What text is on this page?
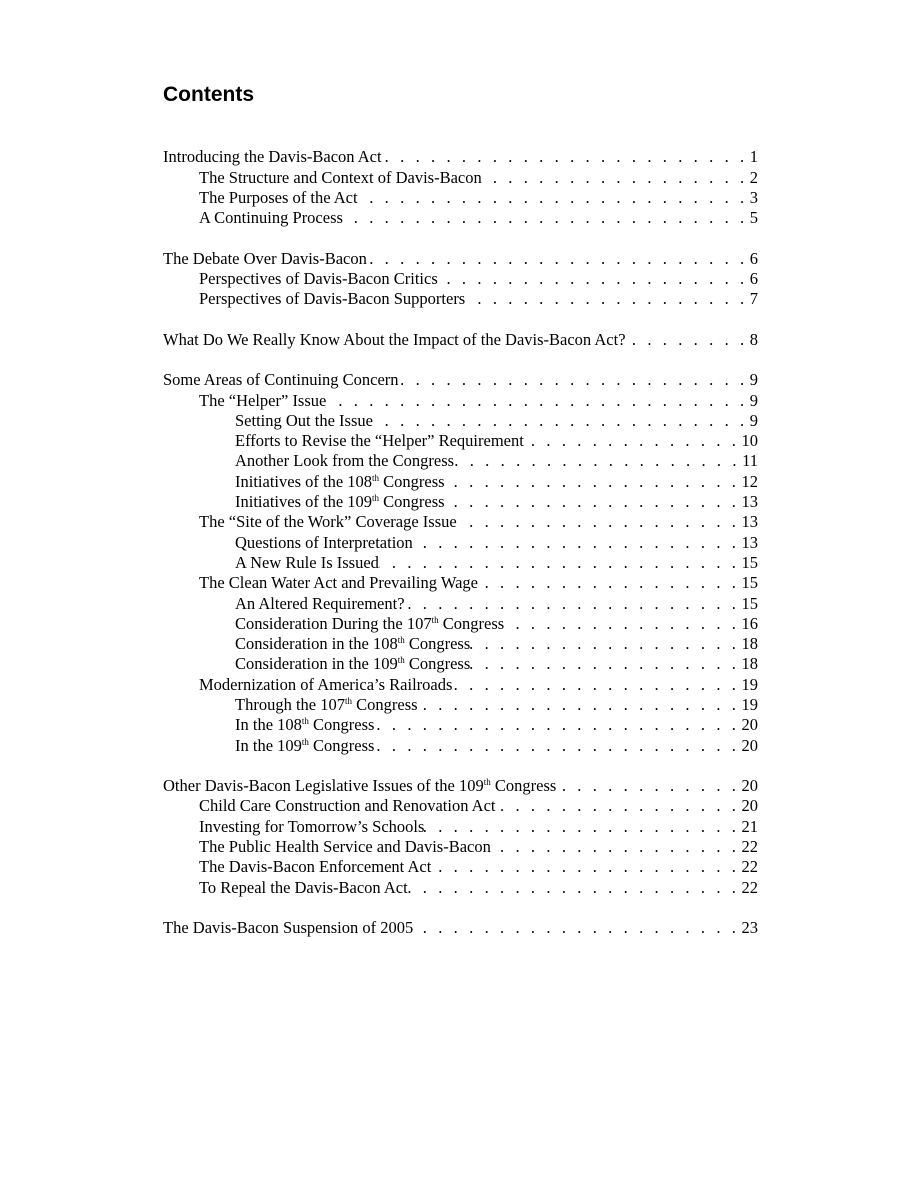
Contents
Introducing the Davis-Bacon Act . . .	1
The Structure and Context of Davis-Bacon . . .	2
The Purposes of the Act . . .	3
A Continuing Process . . .	5
The Debate Over Davis-Bacon . . .	6
Perspectives of Davis-Bacon Critics . . .	6
Perspectives of Davis-Bacon Supporters . . .	7
What Do We Really Know About the Impact of the Davis-Bacon Act? . . .	8
Some Areas of Continuing Concern . . .	9
The “Helper” Issue . . .	9
Setting Out the Issue . . .	9
Efforts to Revise the “Helper” Requirement . . .	10
Another Look from the Congress . . .	11
Initiatives of the 108th Congress . . .	12
Initiatives of the 109th Congress . . .	13
The “Site of the Work” Coverage Issue . . .	13
Questions of Interpretation . . .	13
A New Rule Is Issued . . .	15
The Clean Water Act and Prevailing Wage . . .	15
An Altered Requirement? . . .	15
Consideration During the 107th Congress . . .	16
Consideration in the 108th Congress . . .	18
Consideration in the 109th Congress . . .	18
Modernization of America’s Railroads . . .	19
Through the 107th Congress . . .	19
In the 108th Congress . . .	20
In the 109th Congress . . .	20
Other Davis-Bacon Legislative Issues of the 109th Congress . . .	20
Child Care Construction and Renovation Act . . .	20
Investing for Tomorrow’s Schools . . .	21
The Public Health Service and Davis-Bacon . . .	22
The Davis-Bacon Enforcement Act . . .	22
To Repeal the Davis-Bacon Act . . .	22
The Davis-Bacon Suspension of 2005 . . .	23
